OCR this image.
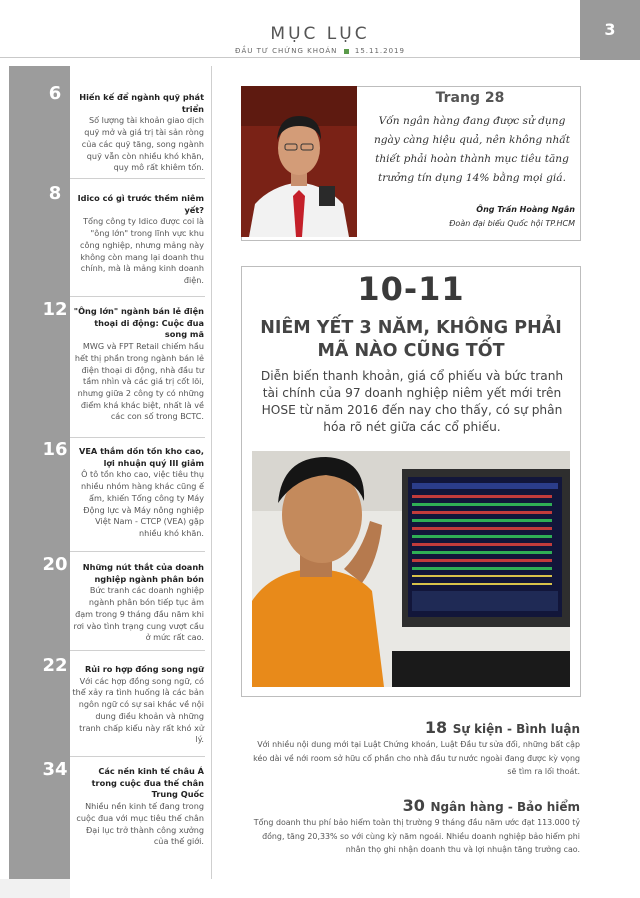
MỤC LỤC
ĐẦU TƯ CHỨNG KHOÁN 15.11.2019
3
6	Hiến kế để ngành quỹ phát triển
Số lượng tài khoản giao dịch quỹ mở và giá trị tài sản ròng của các quỹ tăng, song ngành quỹ vẫn còn nhiều khó khăn, quy mô rất khiêm tốn.
8	Idico có gì trước thềm niêm yết?
Tổng công ty Idico được coi là "ông lớn" trong lĩnh vực khu công nghiệp, nhưng mảng này không còn mang lại doanh thu chính, mà là mảng kinh doanh điện.
12 "Ông lớn" ngành bán lẻ điện thoại di động: Cuộc đua song mã
MWG và FPT Retail chiếm hầu hết thị phần trong ngành bán lẻ điện thoại di động, nhà đầu tư tầm nhìn và các giá trị cốt lõi, nhưng giữa 2 công ty có những điểm khá khác biệt, nhất là về các con số trong BCTC.
16	VEA thắm dồn tồn kho cao, lợi nhuận quý III giảm
Ô tô tồn kho cao, việc tiêu thụ nhiều nhóm hàng khác cũng ế ẩm, khiến Tổng công ty Máy Động lực và Máy nông nghiệp Việt Nam - CTCP (VEA) gặp nhiều khó khăn.
20	Những nút thắt của doanh nghiệp ngành phân bón
Bức tranh các doanh nghiệp ngành phân bón tiếp tục ảm đạm trong 9 tháng đầu năm khi rơi vào tình trạng cung vượt cầu ở mức rất cao.
22	Rủi ro hợp đồng song ngữ
Với các hợp đồng song ngữ, có thể xảy ra tình huống là các bản ngôn ngữ có sự sai khác về nội dung điều khoản và những tranh chấp kiểu này rất khó xử lý.
34	Các nền kinh tế châu Á trong cuộc đua thế chân Trung Quốc
Nhiều nền kinh tế đang trong cuộc đua với mục tiêu thế chân Đại lục trở thành công xưởng của thế giới.
Trang 28
Vốn ngân hàng đang được sử dụng ngày càng hiệu quả, nên không nhất thiết phải hoàn thành mục tiêu tăng trưởng tín dụng 14% bằng mọi giá.
Ông Trần Hoàng Ngân
Đoàn đại biểu Quốc hội TP.HCM
10-11
NIÊM YẾT 3 NĂM, KHÔNG PHẢI
MÃ NÀO CŨNG TỐT
Diễn biến thanh khoản, giá cổ phiếu và bức tranh tài chính của 97 doanh nghiệp niêm yết mới trên HOSE từ năm 2016 đến nay cho thấy, có sự phân hóa rõ nét giữa các cổ phiếu.
18 Sự kiện - Bình luận
Với nhiều nội dung mới tại Luật Chứng khoán, Luật Đầu tư sửa đổi, những bất cập kéo dài về nới room sở hữu cổ phần cho nhà đầu tư nước ngoài đang được kỳ vọng sẽ tìm ra lối thoát.
30 Ngân hàng - Bảo hiểm
Tổng doanh thu phí bảo hiểm toàn thị trường 9 tháng đầu năm ước đạt 113.000 tỷ đồng, tăng 20,33% so với cùng kỳ năm ngoái. Nhiều doanh nghiệp bảo hiểm phi nhân thọ ghi nhận doanh thu và lợi nhuận tăng trưởng cao.
